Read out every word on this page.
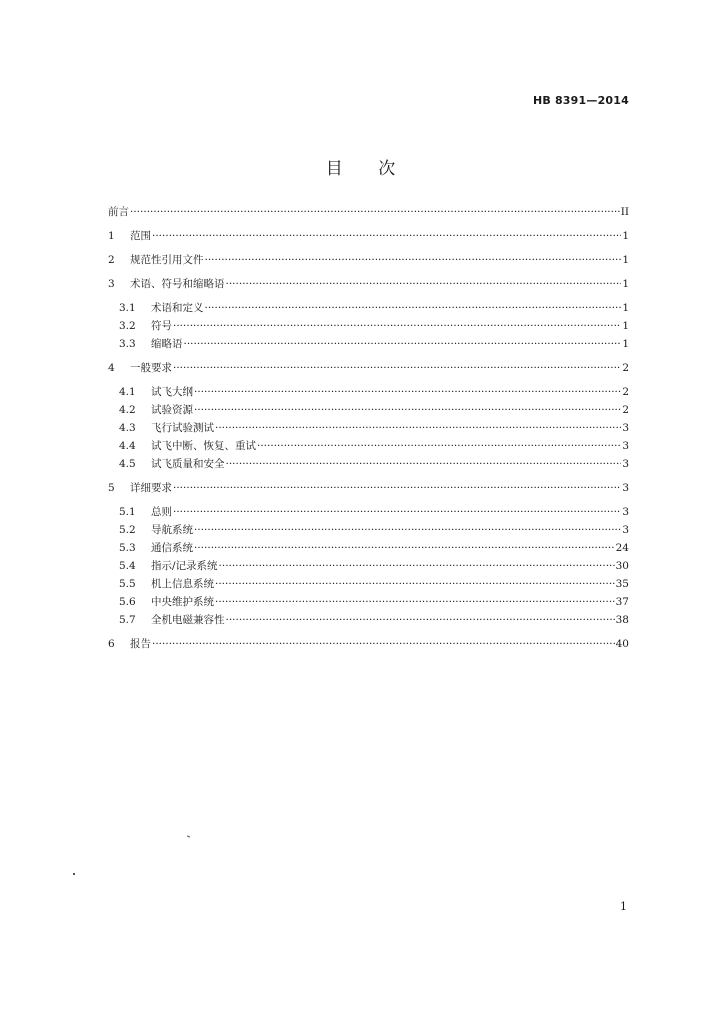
HB 8391—2014
目 次
前言 ·····	II
1	范围 ·····	1
2	规范性引用文件 ·····	1
3	术语、符号和缩略语 ·····	1
3.1	术语和定义 ·····	1
3.2	符号 ·····	1
3.3	缩略语 ·····	1
4	一般要求 ·····	2
4.1	试飞大纲 ·····	2
4.2	试验资源 ·····	2
4.3	飞行试验测试 ·····	3
4.4	试飞中断、恢复、重试 ·····	3
4.5	试飞质量和安全 ·····	3
5	详细要求 ·····	3
5.1	总则 ·····	3
5.2	导航系统 ·····	3
5.3	通信系统 ·····	24
5.4	指示/记录系统 ·····	30
5.5	机上信息系统 ·····	35
5.6	中央维护系统 ·····	37
5.7	全机电磁兼容性 ·····	38
6	报告 ·····	40
1
